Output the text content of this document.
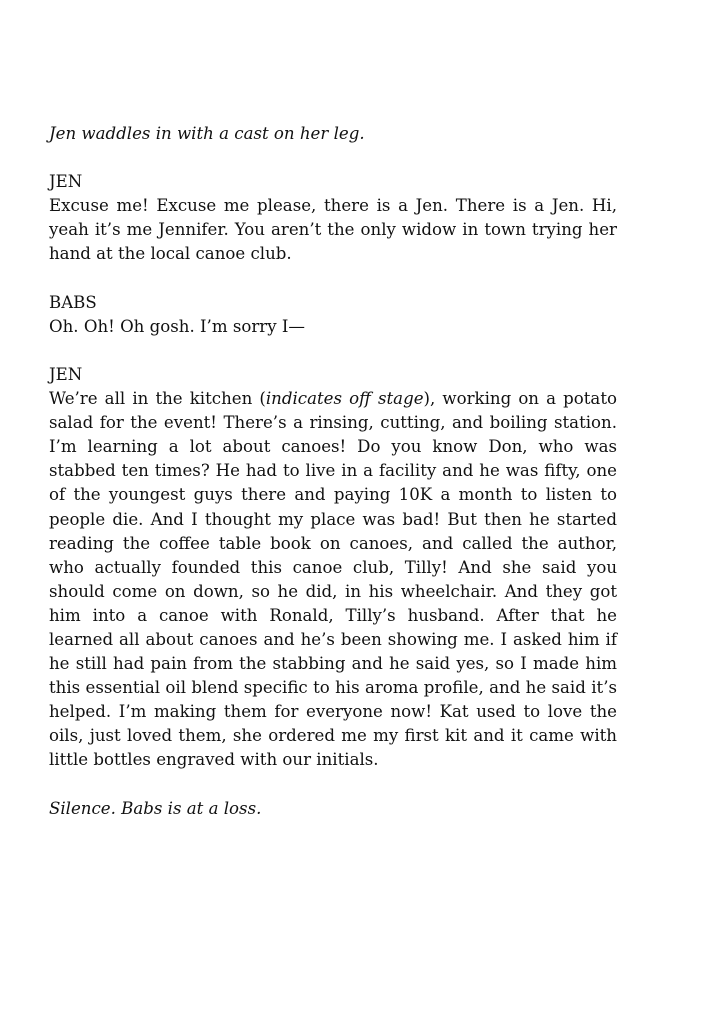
Jen waddles in with a cast on her leg.

JEN
Excuse me! Excuse me please, there is a Jen. There is a Jen. Hi, yeah it’s me Jennifer. You aren’t the only widow in town trying her hand at the local canoe club.
BABS
Oh. Oh! Oh gosh. I’m sorry I—
JEN
We’re all in the kitchen (indicates off stage), working on a potato salad for the event! There’s a rinsing, cutting, and boiling station. I’m learning a lot about canoes! Do you know Don, who was stabbed ten times? He had to live in a facility and he was fifty, one of the youngest guys there and paying 10K a month to listen to people die. And I thought my place was bad! But then he started reading the coffee table book on canoes, and called the author, who actually founded this canoe club, Tilly! And she said you should come on down, so he did, in his wheelchair. And they got him into a canoe with Ronald, Tilly’s husband. After that he learned all about canoes and he’s been showing me. I asked him if he still had pain from the stabbing and he said yes, so I made him this essential oil blend specific to his aroma profile, and he said it’s helped. I’m making them for everyone now! Kat used to love the oils, just loved them, she ordered me my first kit and it came with little bottles engraved with our initials.

Silence. Babs is at a loss.
